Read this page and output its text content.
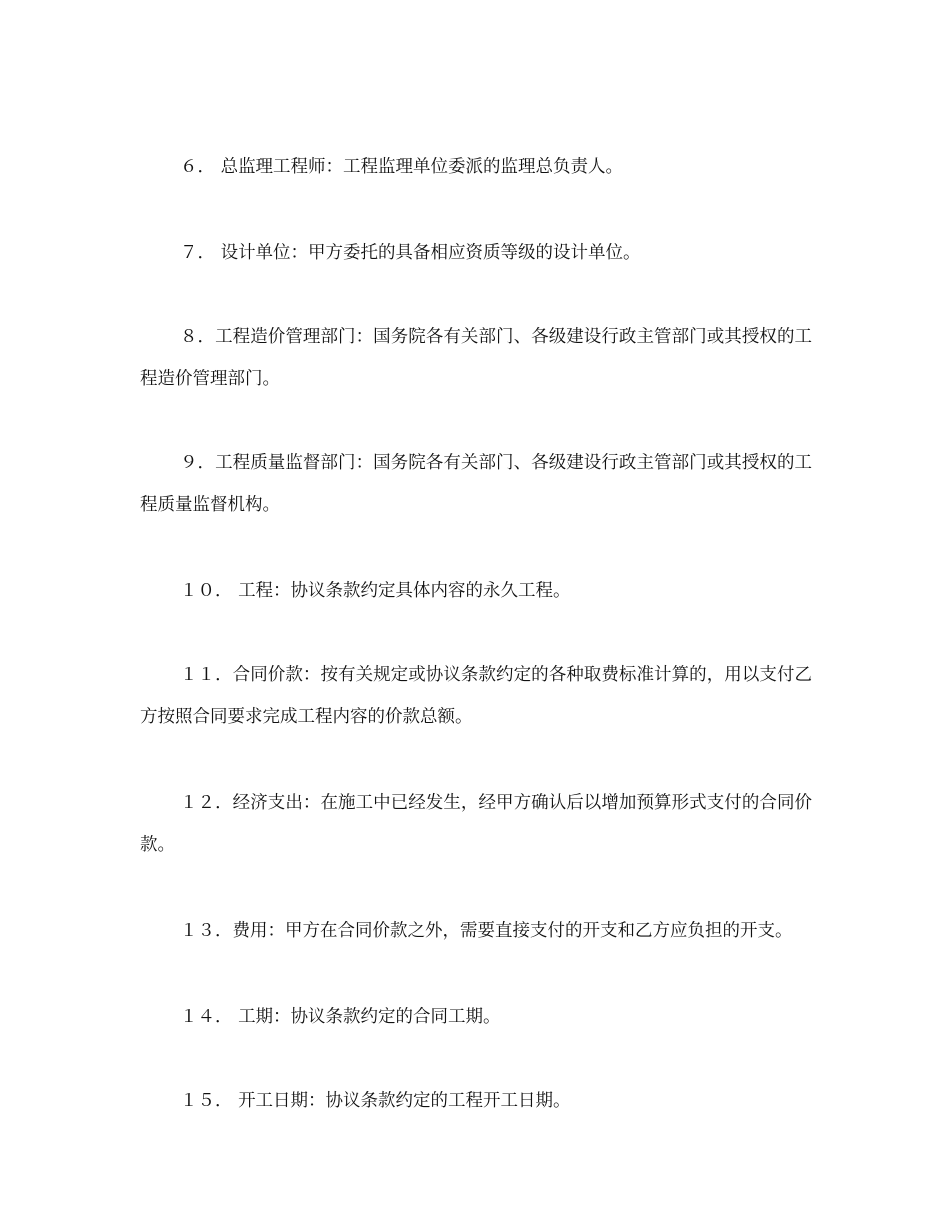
６． 总监理工程师：工程监理单位委派的监理总负责人。

７． 设计单位：甲方委托的具备相应资质等级的设计单位。

８．工程造价管理部门：国务院各有关部门、各级建设行政主管部门或其授权的工程造价管理部门。

９．工程质量监督部门：国务院各有关部门、各级建设行政主管部门或其授权的工程质量监督机构。

１０． 工程：协议条款约定具体内容的永久工程。

１１．合同价款：按有关规定或协议条款约定的各种取费标准计算的，用以支付乙方按照合同要求完成工程内容的价款总额。

１２．经济支出：在施工中已经发生，经甲方确认后以增加预算形式支付的合同价款。

１３．费用：甲方在合同价款之外，需要直接支付的开支和乙方应负担的开支。

１４． 工期：协议条款约定的合同工期。

１５． 开工日期：协议条款约定的工程开工日期。
